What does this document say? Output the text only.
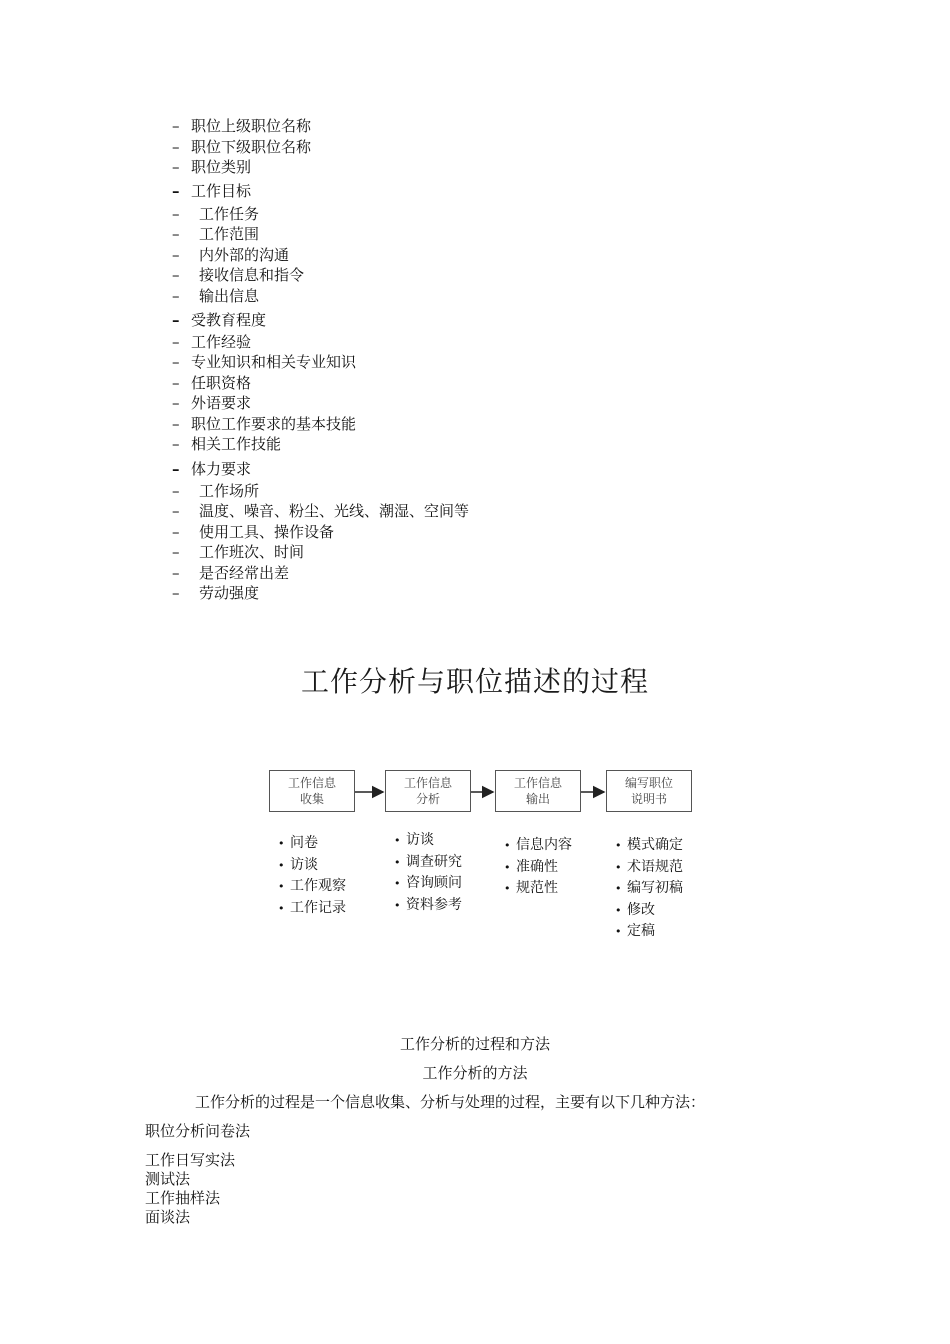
– 职位上级职位名称
– 职位下级职位名称
– 职位类别
– 工作目标
– 工作任务
– 工作范围
– 内外部的沟通
– 接收信息和指令
– 输出信息
– 受教育程度
– 工作经验
– 专业知识和相关专业知识
– 任职资格
– 外语要求
– 职位工作要求的基本技能
– 相关工作技能
– 体力要求
– 工作场所
– 温度、噪音、粉尘、光线、潮湿、空间等
– 使用工具、操作设备
– 工作班次、时间
– 是否经常出差
– 劳动强度
工作分析与职位描述的过程
工作信息
收集
工作信息
分析
工作信息
输出
编写职位
说明书
• 问卷
• 访谈
• 工作观察
• 工作记录
• 访谈
• 调查研究
• 咨询顾问
• 资料参考
• 信息内容
• 准确性
• 规范性
• 模式确定
• 术语规范
• 编写初稿
• 修改
• 定稿
工作分析的过程和方法
工作分析的方法
工作分析的过程是一个信息收集、分析与处理的过程，主要有以下几种方法：
职位分析问卷法
工作日写实法
测试法
工作抽样法
面谈法
